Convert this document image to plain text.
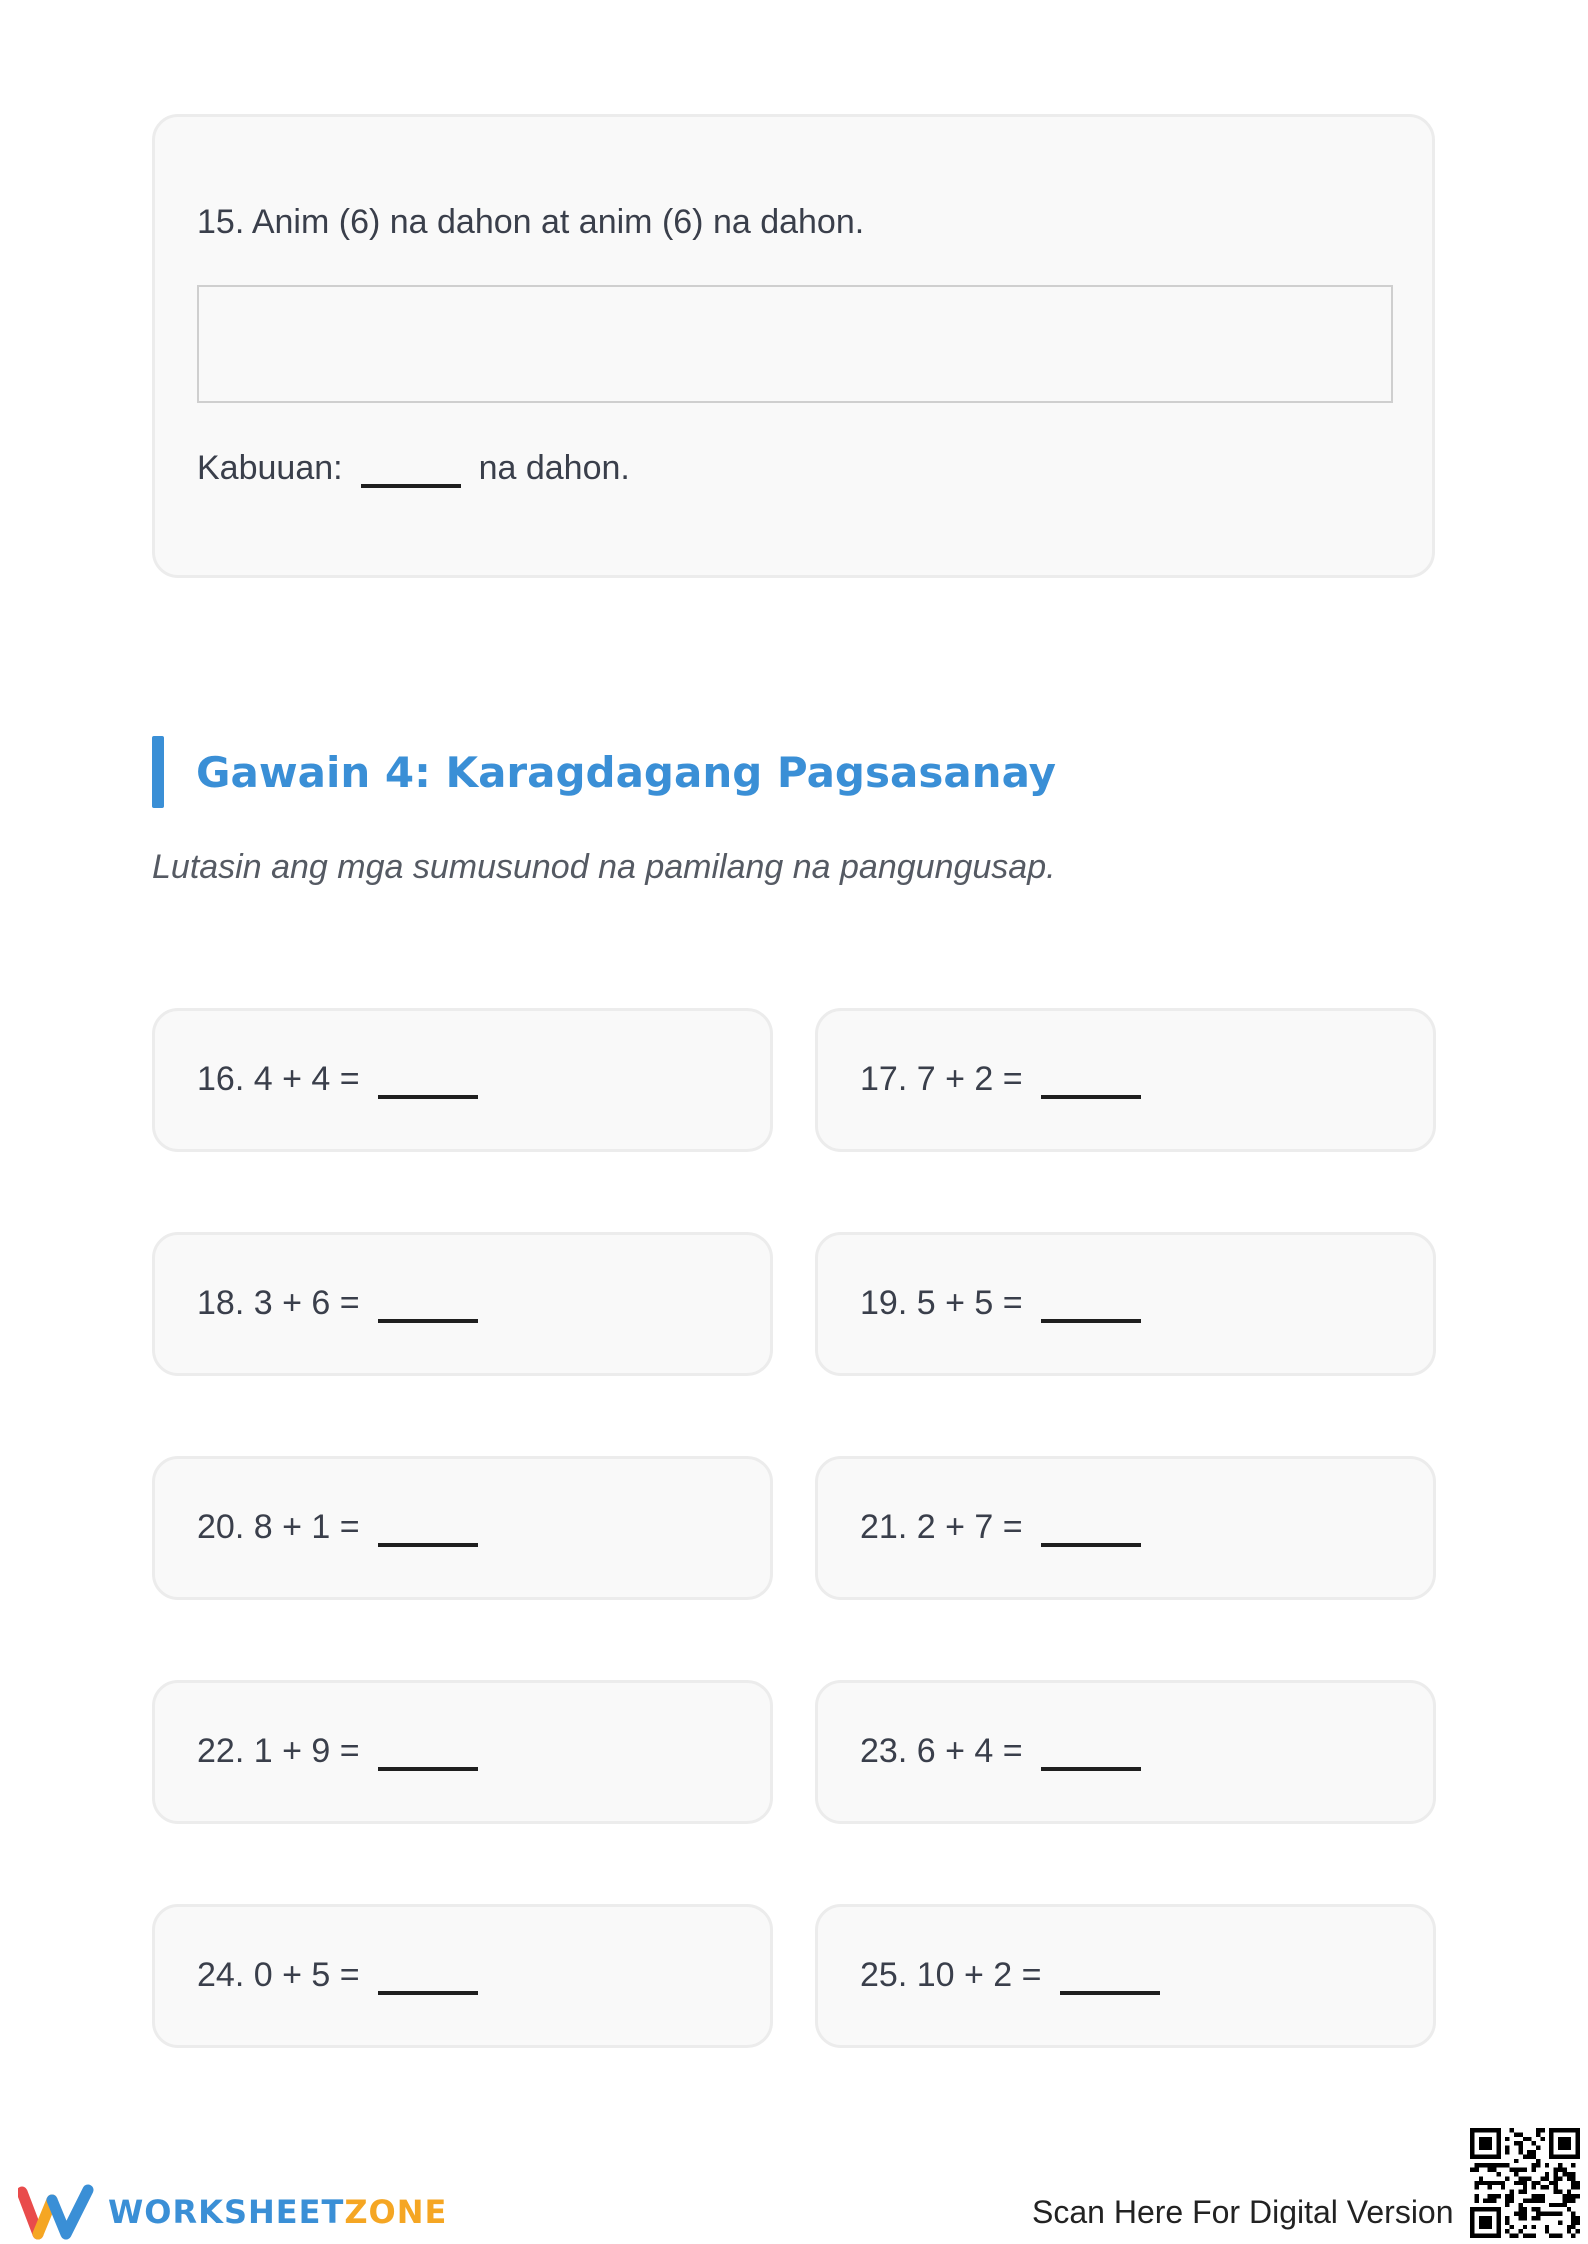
15. Anim (6) na dahon at anim (6) na dahon.
Kabuuan:	na dahon.
Gawain 4: Karagdagang Pagsasanay
Lutasin ang mga sumusunod na pamilang na pangungusap.
16. 4 + 4 =	17. 7 + 2 =
18. 3 + 6 =	19. 5 + 5 =
20. 8 + 1 =	21. 2 + 7 =
22. 1 + 9 =	23. 6 + 4 =
24. 0 + 5 =	25. 10 + 2 =
WORKSHEETZONE	Scan Here For Digital Version
